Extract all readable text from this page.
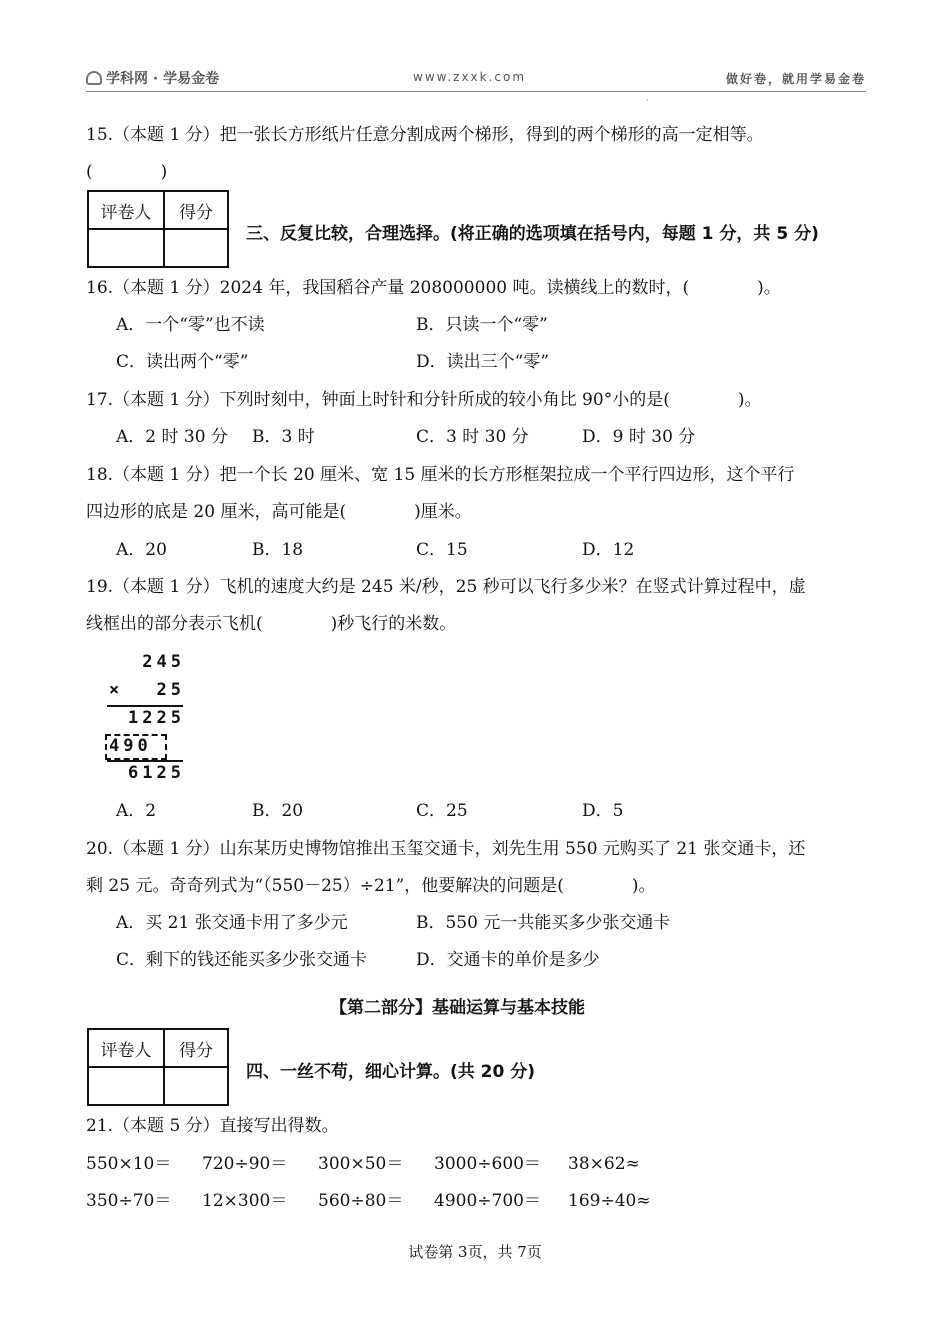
学科网 · 学易金卷	www.zxxk.com	做好卷，就用学易金卷
·
15.（本题 1 分）把一张长方形纸片任意分割成两个梯形，得到的两个梯形的高一定相等。
(　　　　)
评卷人	得分

三、反复比较，合理选择。(将正确的选项填在括号内，每题 1 分，共 5 分)
16.（本题 1 分）2024 年，我国稻谷产量 208000000 吨。读横线上的数时，(　　　　)。
A．一个“零”也不读	B．只读一个“零”
C．读出两个“零”	D．读出三个“零”
17.（本题 1 分）下列时刻中，钟面上时针和分针所成的较小角比 90°小的是(　　　　)。
A．2 时 30 分 B．3 时	C．3 时 30 分	D．9 时 30 分
18.（本题 1 分）把一个长 20 厘米、宽 15 厘米的长方形框架拉成一个平行四边形，这个平行
四边形的底是 20 厘米，高可能是(　　　　)厘米。
A．20	B．18	C．15	D．12
19.（本题 1 分）飞机的速度大约是 245 米/秒，25 秒可以飞行多少米？在竖式计算过程中，虚
线框出的部分表示飞机(　　　　)秒飞行的米数。
245
× 25
1225
490
6125
A．2	B．20	C．25	D．5
20.（本题 1 分）山东某历史博物馆推出玉玺交通卡，刘先生用 550 元购买了 21 张交通卡，还
剩 25 元。奇奇列式为“（550－25）÷21”，他要解决的问题是(　　　　)。
A．买 21 张交通卡用了多少元	B．550 元一共能买多少张交通卡
C．剩下的钱还能买多少张交通卡	D．交通卡的单价是多少
【第二部分】基础运算与基本技能
评卷人	得分

四、一丝不苟，细心计算。(共 20 分)
21.（本题 5 分）直接写出得数。
550×10＝ 720÷90＝ 300×50＝ 3000÷600＝ 38×62≈
350÷70＝ 12×300＝ 560÷80＝ 4900÷700＝ 169÷40≈
试卷第 3页，共 7页
